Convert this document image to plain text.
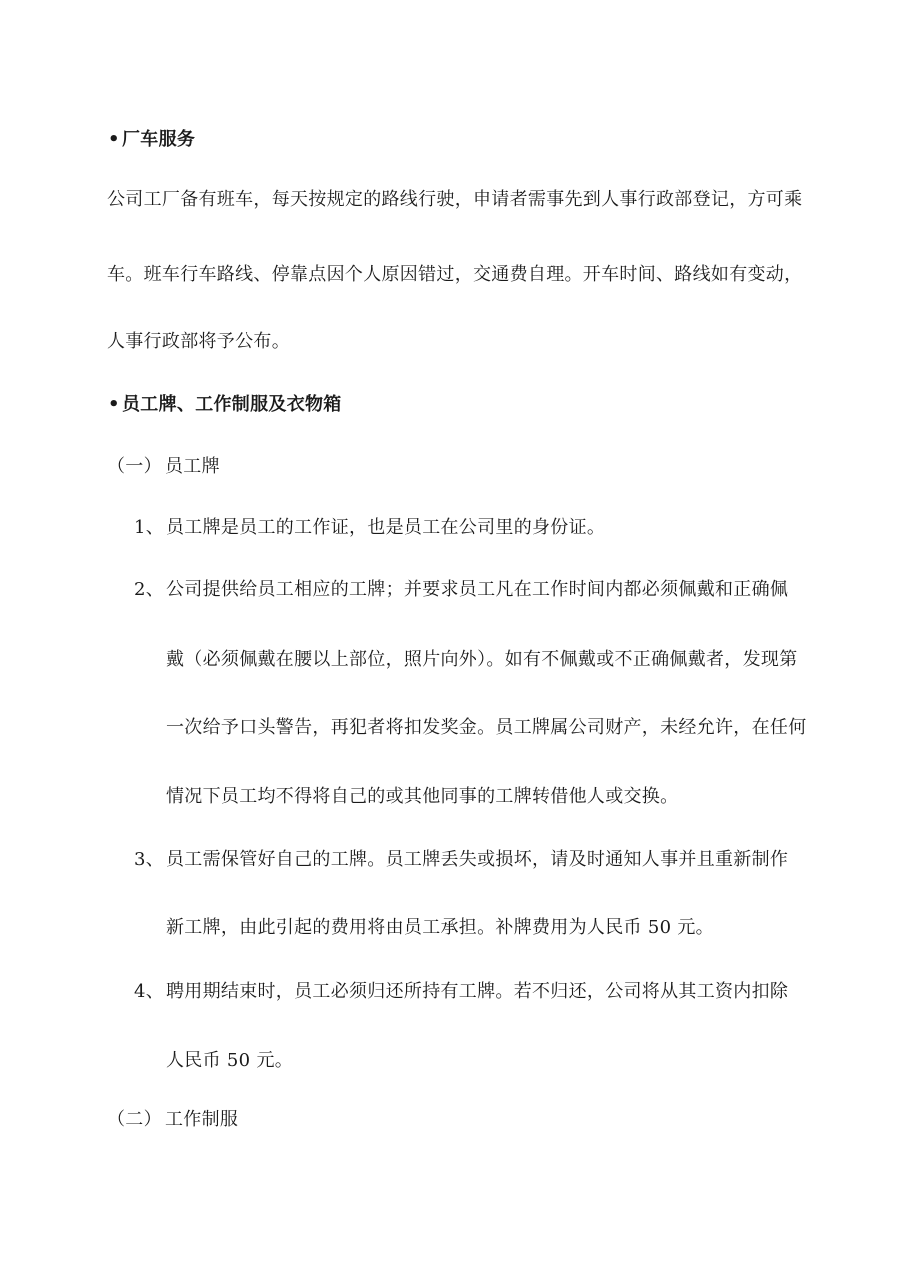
• 厂车服务
公司工厂备有班车，每天按规定的路线行驶，申请者需事先到人事行政部登记，方可乘
车。班车行车路线、停靠点因个人原因错过，交通费自理。开车时间、路线如有变动，
人事行政部将予公布。
• 员工牌、工作制服及衣物箱
（一） 员工牌
1、 员工牌是员工的工作证，也是员工在公司里的身份证。
2、 公司提供给员工相应的工牌；并要求员工凡在工作时间内都必须佩戴和正确佩
戴（必须佩戴在腰以上部位，照片向外）。如有不佩戴或不正确佩戴者，发现第
一次给予口头警告，再犯者将扣发奖金。员工牌属公司财产，未经允许，在任何
情况下员工均不得将自己的或其他同事的工牌转借他人或交换。
3、 员工需保管好自己的工牌。员工牌丢失或损坏，请及时通知人事并且重新制作
新工牌，由此引起的费用将由员工承担。补牌费用为人民币 50 元。
4、 聘用期结束时，员工必须归还所持有工牌。若不归还，公司将从其工资内扣除
人民币 50 元。
（二） 工作制服
